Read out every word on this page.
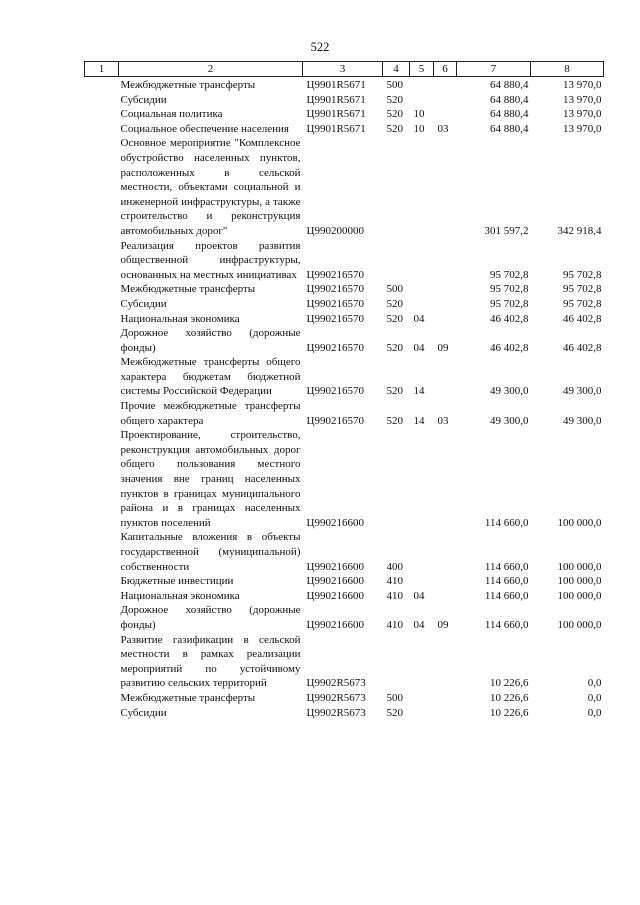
522
1	2	3	4	5	6	7	8
	Межбюджетные трансферты	Ц9901R5671	500			64 880,4	13 970,0
	Субсидии	Ц9901R5671	520			64 880,4	13 970,0
	Социальная политика	Ц9901R5671	520	10		64 880,4	13 970,0
	Социальное обеспечение населения	Ц9901R5671	520	10	03	64 880,4	13 970,0
	Основное мероприятие "Комплексное обустройство населенных пунктов, расположенных в сельской местности, объектами социальной и инженерной инфраструктуры, а также строительство и реконструкция автомобильных дорог"	Ц990200000				301 597,2	342 918,4
	Реализация проектов развития общественной инфраструктуры, основанных на местных инициативах	Ц990216570				95 702,8	95 702,8
	Межбюджетные трансферты	Ц990216570	500			95 702,8	95 702,8
	Субсидии	Ц990216570	520			95 702,8	95 702,8
	Национальная экономика	Ц990216570	520	04		46 402,8	46 402,8
	Дорожное хозяйство (дорожные фонды)	Ц990216570	520	04	09	46 402,8	46 402,8
	Межбюджетные трансферты общего характера бюджетам бюджетной системы Российской Федерации	Ц990216570	520	14		49 300,0	49 300,0
	Прочие межбюджетные трансферты общего характера	Ц990216570	520	14	03	49 300,0	49 300,0
	Проектирование, строительство, реконструкция автомобильных дорог общего пользования местного значения вне границ населенных пунктов в границах муниципального района и в границах населенных пунктов поселений	Ц990216600				114 660,0	100 000,0
	Капитальные вложения в объекты государственной (муниципальной) собственности	Ц990216600	400			114 660,0	100 000,0
	Бюджетные инвестиции	Ц990216600	410			114 660,0	100 000,0
	Национальная экономика	Ц990216600	410	04		114 660,0	100 000,0
	Дорожное хозяйство (дорожные фонды)	Ц990216600	410	04	09	114 660,0	100 000,0
	Развитие газификации в сельской местности в рамках реализации мероприятий по устойчивому развитию сельских территорий	Ц9902R5673				10 226,6	0,0
	Межбюджетные трансферты	Ц9902R5673	500			10 226,6	0,0
	Субсидии	Ц9902R5673	520			10 226,6	0,0
